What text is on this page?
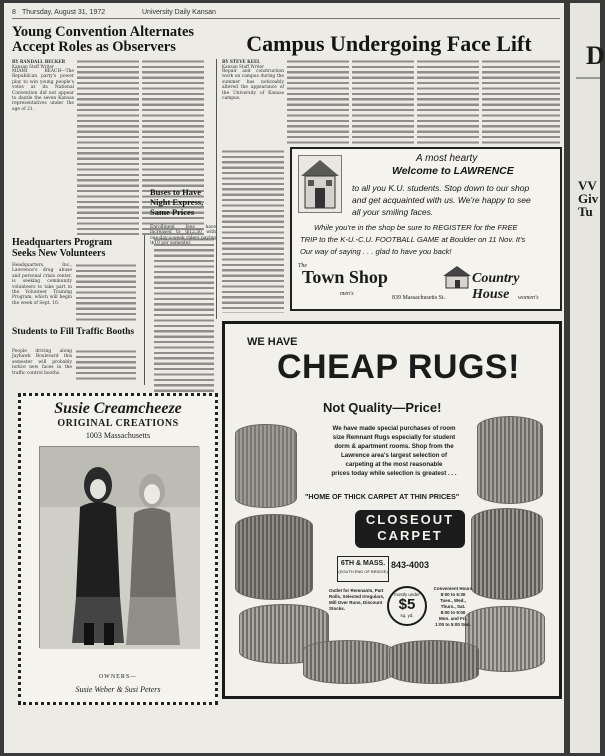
8 Thursday, August 31, 1972	University Daily Kansan
Young Convention Alternates Accept Roles as Observers	Campus Undergoing Face Lift
BY RANDALL BECKER
Kansan Staff Writer
MIAMI BEACH—The Republican party's power play to win young people's votes at its National Convention did not appear to dazzle the seven Kansas representatives under the age of 21.
Headquarters Program Seeks New Volunteers
Headquarters, Inc., Lawrence's drug abuse and personal crisis center, is seeking community volunteers to take part in the Volunteer Training Program, which will begin the week of Sept. 10.
Students to Fill Traffic Booths
People driving along Jayhawk Boulevard this semester will probably notice new faces in the traffic control booths.
Buses to Have Night Express, Same Prices
Enrollment fees have increased to \$12.50 with one-day-a-week riders paying \$10 per semester.
BY STEVE KEEL
Kansan Staff Writer
Repair and construction work on campus during the summer has noticeably altered the appearance of the University of Kansas campus.
Susie Creamcheeze
ORIGINAL CREATIONS
1003 Massachusetts
OWNERS—
Susie Weber & Susi Peters
A most hearty
Welcome to LAWRENCE
to all you K.U. students. Stop down to our shop
and get acquainted with us. We're happy to see
all your smiling faces.
While you're in the shop be sure to REGISTER for the FREE
TRIP to the K-U.-C.U. FOOTBALL GAME at Boulder on 11 Nov. It's
Our way of saying . . . glad to have you back!
The
Town Shop
men's
839 Massachusetts St.
Country House	women's
WE HAVE
CHEAP RUGS!
Not Quality—Price!
We have made special purchases of room
size Remnant Rugs especially for student
dorm & apartment rooms. Shop from the
Lawrence area's largest selection of
carpeting at the most reasonable
prices today while selection is greatest . . .
"HOME OF THICK CARPET AT THIN PRICES"
CLOSEOUT
CARPET
6TH & MASS.
(SOUTH END OF BRIDGE)
843-4003
Outlet for Remnants, Part Rolls, Selected Irregulars, Mill Over Runs, Discount Stocks.
mostly under
$5
sq. yd.
Convenient Hours
8:00 to 5:30
Tues., Wed.,
Thurs., Sat.
8:00 to 9:00
Mon. and Fri.
1:00 to 5:00 Sun.
D
VV Giv Tu
